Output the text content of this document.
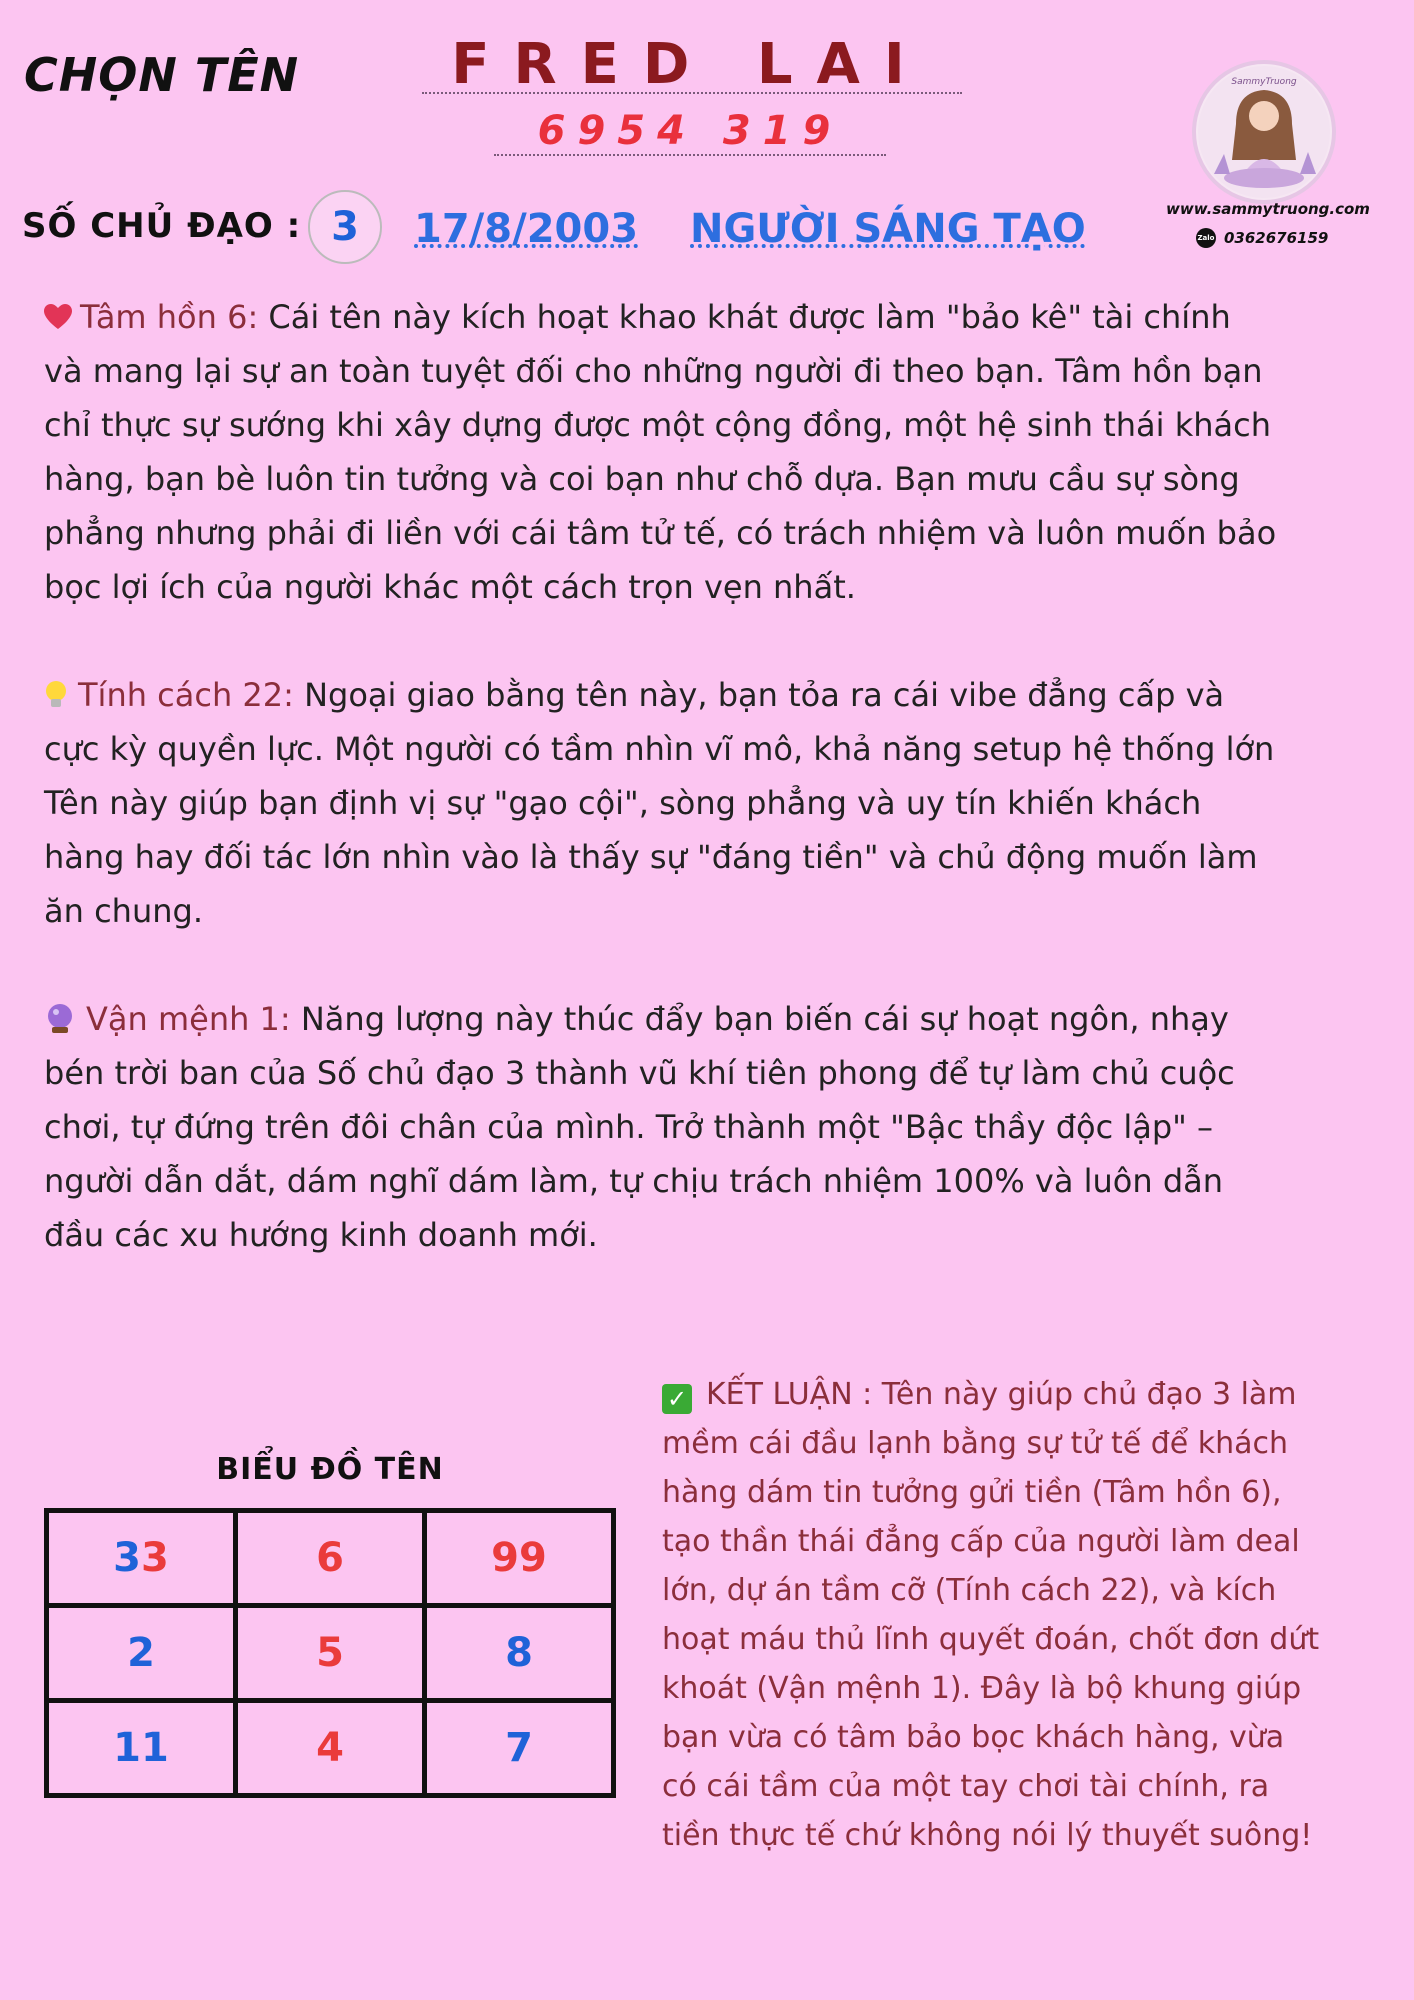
CHỌN TÊN	FRED LAI
6954 319
SammyTruong
www.sammytruong.com
Zalo 0362676159
SỐ CHỦ ĐẠO : 3	17/8/2003 NGƯỜI SÁNG TẠO
Tâm hồn 6: Cái tên này kích hoạt khao khát được làm "bảo kê" tài chính
và mang lại sự an toàn tuyệt đối cho những người đi theo bạn. Tâm hồn bạn
chỉ thực sự sướng khi xây dựng được một cộng đồng, một hệ sinh thái khách
hàng, bạn bè luôn tin tưởng và coi bạn như chỗ dựa. Bạn mưu cầu sự sòng
phẳng nhưng phải đi liền với cái tâm tử tế, có trách nhiệm và luôn muốn bảo
bọc lợi ích của người khác một cách trọn vẹn nhất.
Tính cách 22: Ngoại giao bằng tên này, bạn tỏa ra cái vibe đẳng cấp và
cực kỳ quyền lực. Một người có tầm nhìn vĩ mô, khả năng setup hệ thống lớn
Tên này giúp bạn định vị sự "gạo cội", sòng phẳng và uy tín khiến khách
hàng hay đối tác lớn nhìn vào là thấy sự "đáng tiền" và chủ động muốn làm
ăn chung.
Vận mệnh 1: Năng lượng này thúc đẩy bạn biến cái sự hoạt ngôn, nhạy
bén trời ban của Số chủ đạo 3 thành vũ khí tiên phong để tự làm chủ cuộc
chơi, tự đứng trên đôi chân của mình. Trở thành một "Bậc thầy độc lập" –
người dẫn dắt, dám nghĩ dám làm, tự chịu trách nhiệm 100% và luôn dẫn
đầu các xu hướng kinh doanh mới.
BIỂU ĐỒ TÊN
33	6	99
2	5	8
11	4	7
✓ KẾT LUẬN : Tên này giúp chủ đạo 3 làm
mềm cái đầu lạnh bằng sự tử tế để khách
hàng dám tin tưởng gửi tiền (Tâm hồn 6),
tạo thần thái đẳng cấp của người làm deal
lớn, dự án tầm cỡ (Tính cách 22), và kích
hoạt máu thủ lĩnh quyết đoán, chốt đơn dứt
khoát (Vận mệnh 1). Đây là bộ khung giúp
bạn vừa có tâm bảo bọc khách hàng, vừa
có cái tầm của một tay chơi tài chính, ra
tiền thực tế chứ không nói lý thuyết suông!
